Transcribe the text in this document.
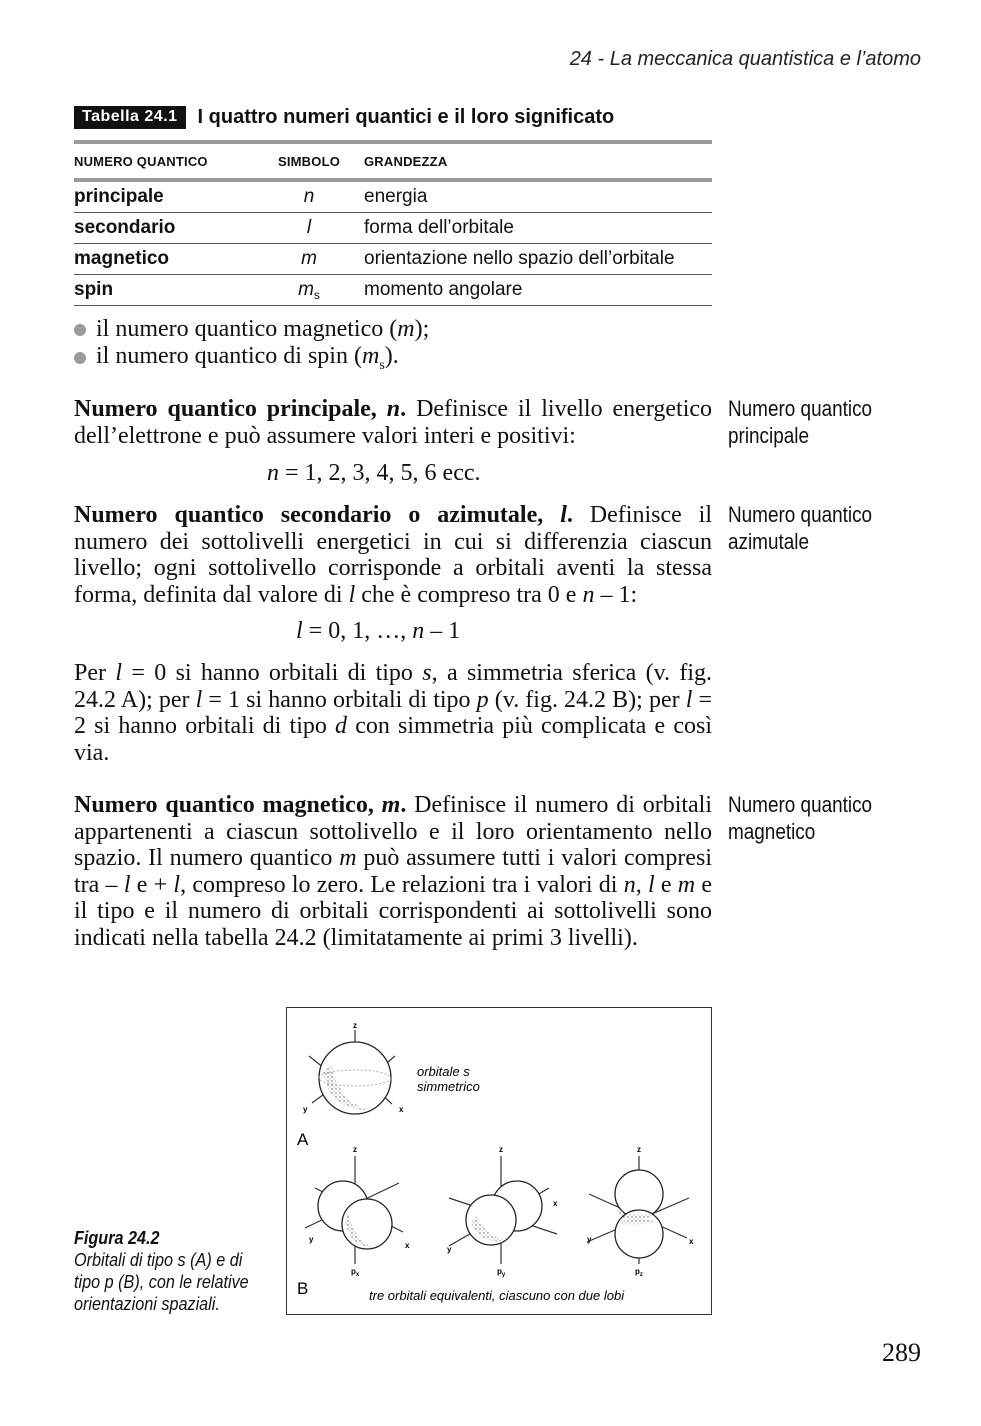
24 - La meccanica quantistica e l’atomo
Tabella 24.1	I quattro numeri quantici e il loro significato
NUMERO QUANTICO	SIMBOLO	GRANDEZZA
principale	n	energia
secondario	l	forma dell’orbitale
magnetico	m	orientazione nello spazio dell’orbitale
spin	$m_s$	momento angolare
il numero quantico magnetico (m);
il numero quantico di spin $(m_s)$.
Numero quantico principale, n. Definisce il livello energetico dell’elettrone e può assumere valori interi e positivi:
Numero quantico principale
n = 1, 2, 3, 4, 5, 6 ecc.
Numero quantico secondario o azimutale, l. Definisce il numero dei sottolivelli energetici in cui si differenzia ciascun livello; ogni sottolivello corrisponde a orbitali aventi la stessa forma, definita dal valore di l che è compreso tra 0 e n – 1:
Numero quantico azimutale
l = 0, 1, …, n – 1
Per l = 0 si hanno orbitali di tipo s, a simmetria sferica (v. fig. 24.2 A); per l = 1 si hanno orbitali di tipo p (v. fig. 24.2 B); per l = 2 si hanno orbitali di tipo d con simmetria più complicata e così via.
Numero quantico magnetico, m. Definisce il numero di orbitali appartenenti a ciascun sottolivello e il loro orientamento nello spazio. Il numero quantico m può assumere tutti i valori compresi tra – l e + l, compreso lo zero. Le relazioni tra i valori di n, l e m e il tipo e il numero di orbitali corrispondenti ai sottolivelli sono indicati nella tabella 24.2 (limitatamente ai primi 3 livelli).
Numero quantico magnetico
z
y	x
orbitale s
simmetrico
A
z
y
x
$p_x$
z
y
x
$p_y$
z
y	x
$p_z$
B	tre orbitali equivalenti, ciascuno con due lobi
Figura 24.2
Orbitali di tipo s (A) e di tipo p (B), con le relative orientazioni spaziali.
289
